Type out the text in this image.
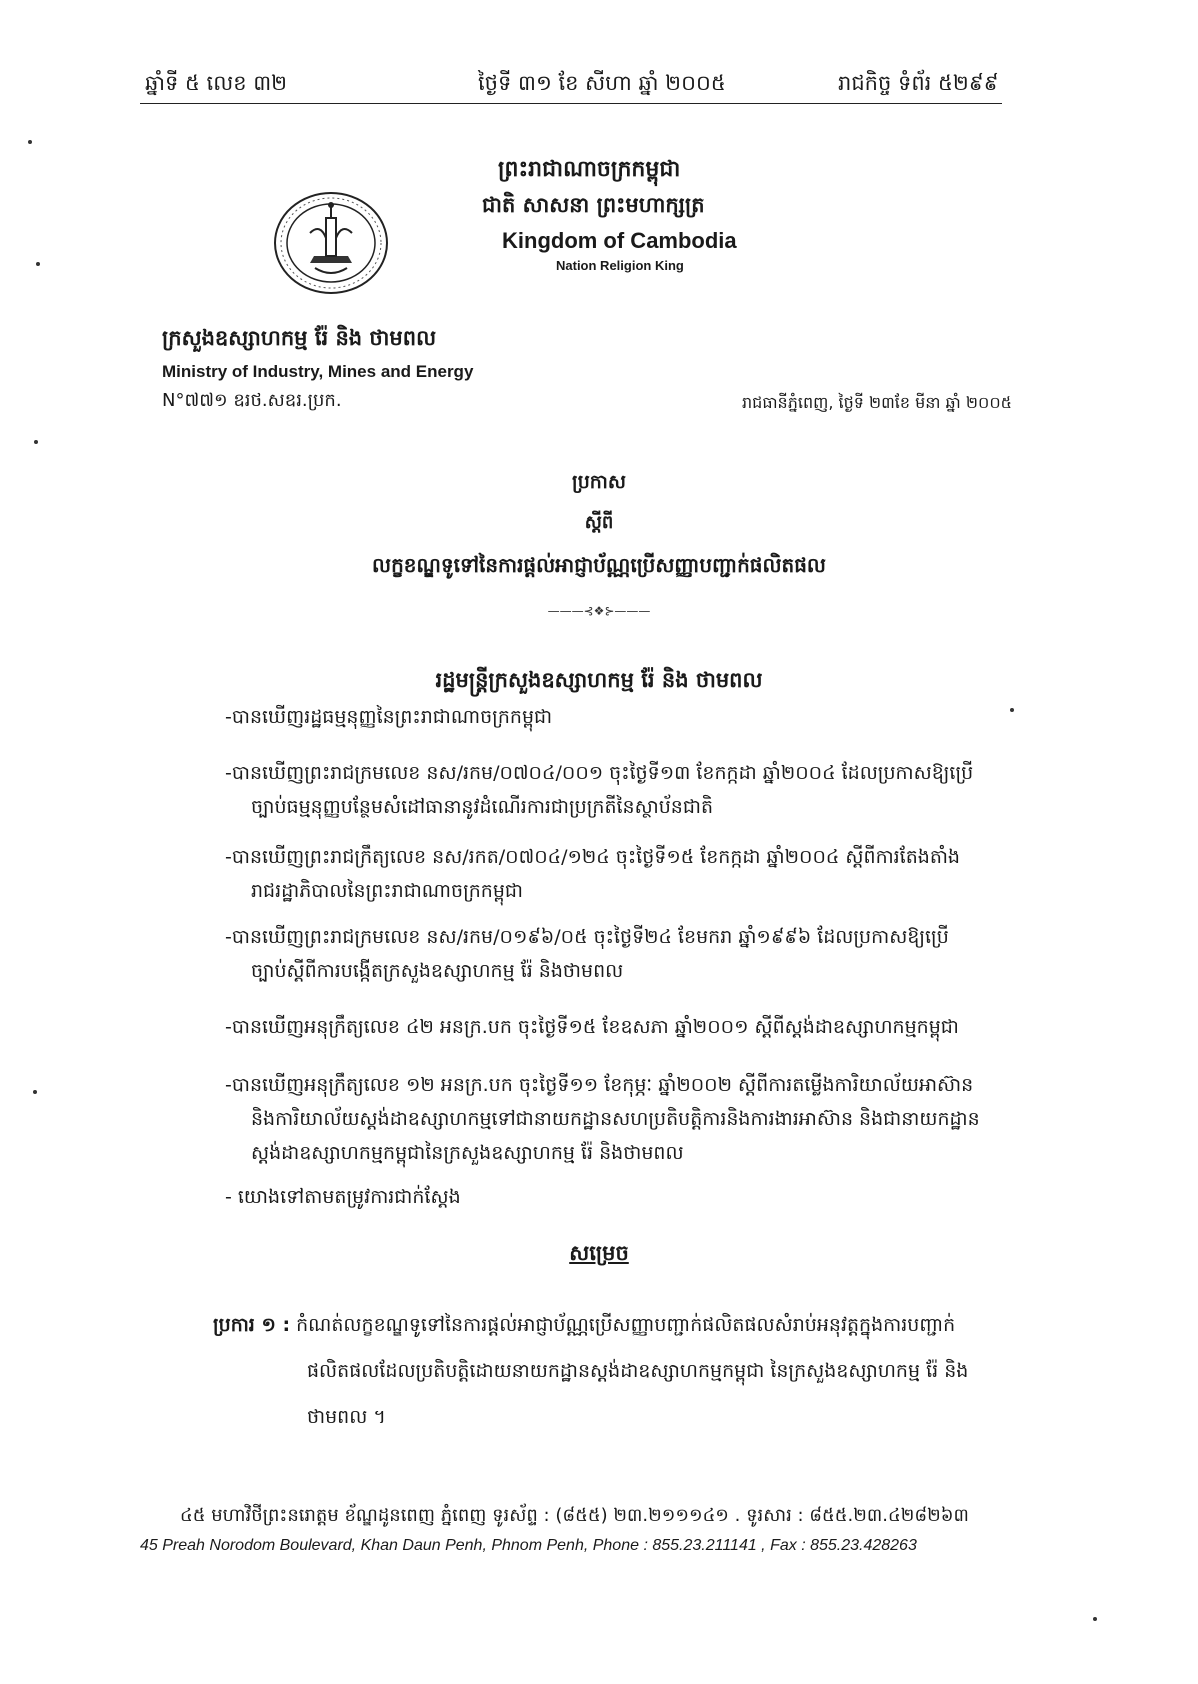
ឆ្នាំទី ៥ លេខ ៣២	ថ្ងៃទី ៣១ ខែ សីហា ឆ្នាំ ២០០៥	រាជកិច្ច ទំព័រ ៥២៩៩
ព្រះរាជាណាចក្រកម្ពុជា
ជាតិ សាសនា ព្រះមហាក្សត្រ
Kingdom of Cambodia
Nation Religion King
ក្រសួងឧស្សាហកម្ម រ៉ែ និង ថាមពល
Ministry of Industry, Mines and Energy
N°៧៧១ ឧរថ.សឧរ.ប្រក.	រាជធានីភ្នំពេញ, ថ្ងៃទី ២៣ខែ មីនា ឆ្នាំ ២០០៥
ប្រកាស
ស្តីពី
លក្ខខណ្ឌទូទៅនៃការផ្តល់អាជ្ញាប័ណ្ណប្រើសញ្ញាបញ្ជាក់ផលិតផល
———⊰❖⊱———
រដ្ឋមន្ត្រីក្រសួងឧស្សាហកម្ម រ៉ែ និង ថាមពល
-បានឃើញរដ្ឋធម្មនុញ្ញនៃព្រះរាជាណាចក្រកម្ពុជា
-បានឃើញព្រះរាជក្រមលេខ នស/រកម/០៧០៤/០០១ ចុះថ្ងៃទី១៣ ខែកក្កដា ឆ្នាំ២០០៤ ដែលប្រកាសឱ្យប្រើ
ច្បាប់ធម្មនុញ្ញបន្ថែមសំដៅធានានូវដំណើរការជាប្រក្រតីនៃស្ថាប័នជាតិ
-បានឃើញព្រះរាជក្រឹត្យលេខ នស/រកត/០៧០៤/១២៤ ចុះថ្ងៃទី១៥ ខែកក្កដា ឆ្នាំ២០០៤ ស្តីពីការតែងតាំង
រាជរដ្ឋាភិបាលនៃព្រះរាជាណាចក្រកម្ពុជា
-បានឃើញព្រះរាជក្រមលេខ នស/រកម/០១៩៦/០៥ ចុះថ្ងៃទី២៤ ខែមករា ឆ្នាំ១៩៩៦ ដែលប្រកាសឱ្យប្រើ
ច្បាប់ស្តីពីការបង្កើតក្រសួងឧស្សាហកម្ម រ៉ែ និងថាមពល
-បានឃើញអនុក្រឹត្យលេខ ៤២ អនក្រ.បក ចុះថ្ងៃទី១៥ ខែឧសភា ឆ្នាំ២០០១ ស្តីពីស្តង់ដាឧស្សាហកម្មកម្ពុជា
-បានឃើញអនុក្រឹត្យលេខ ១២ អនក្រ.បក ចុះថ្ងៃទី១១ ខែកុម្ភៈ ឆ្នាំ២០០២ ស្តីពីការតម្លើងការិយាល័យអាស៊ាន
និងការិយាល័យស្តង់ដាឧស្សាហកម្មទៅជានាយកដ្ឋានសហប្រតិបត្តិការនិងការងារអាស៊ាន និងជានាយកដ្ឋាន ស្តង់ដាឧស្សាហកម្មកម្ពុជានៃក្រសួងឧស្សាហកម្ម រ៉ែ និងថាមពល
- យោងទៅតាមតម្រូវការជាក់ស្តែង
សម្រេច
ប្រការ ១ : កំណត់លក្ខខណ្ឌទូទៅនៃការផ្តល់អាជ្ញាប័ណ្ណប្រើសញ្ញាបញ្ជាក់ផលិតផលសំរាប់អនុវត្តក្នុងការបញ្ជាក់
ផលិតផលដែលប្រតិបត្តិដោយនាយកដ្ឋានស្តង់ដាឧស្សាហកម្មកម្ពុជា នៃក្រសួងឧស្សាហកម្ម រ៉ែ និង ថាមពល ។
៤៥ មហាវិថីព្រះនរោត្តម ខ័ណ្ឌដូនពេញ ភ្នំពេញ ទូរស័ព្ទ : (៨៥៥) ២៣.២១១១៤១ . ទូរសារ : ៨៥៥.២៣.៤២៨២៦៣
45 Preah Norodom Boulevard, Khan Daun Penh, Phnom Penh, Phone : 855.23.211141 , Fax : 855.23.428263
